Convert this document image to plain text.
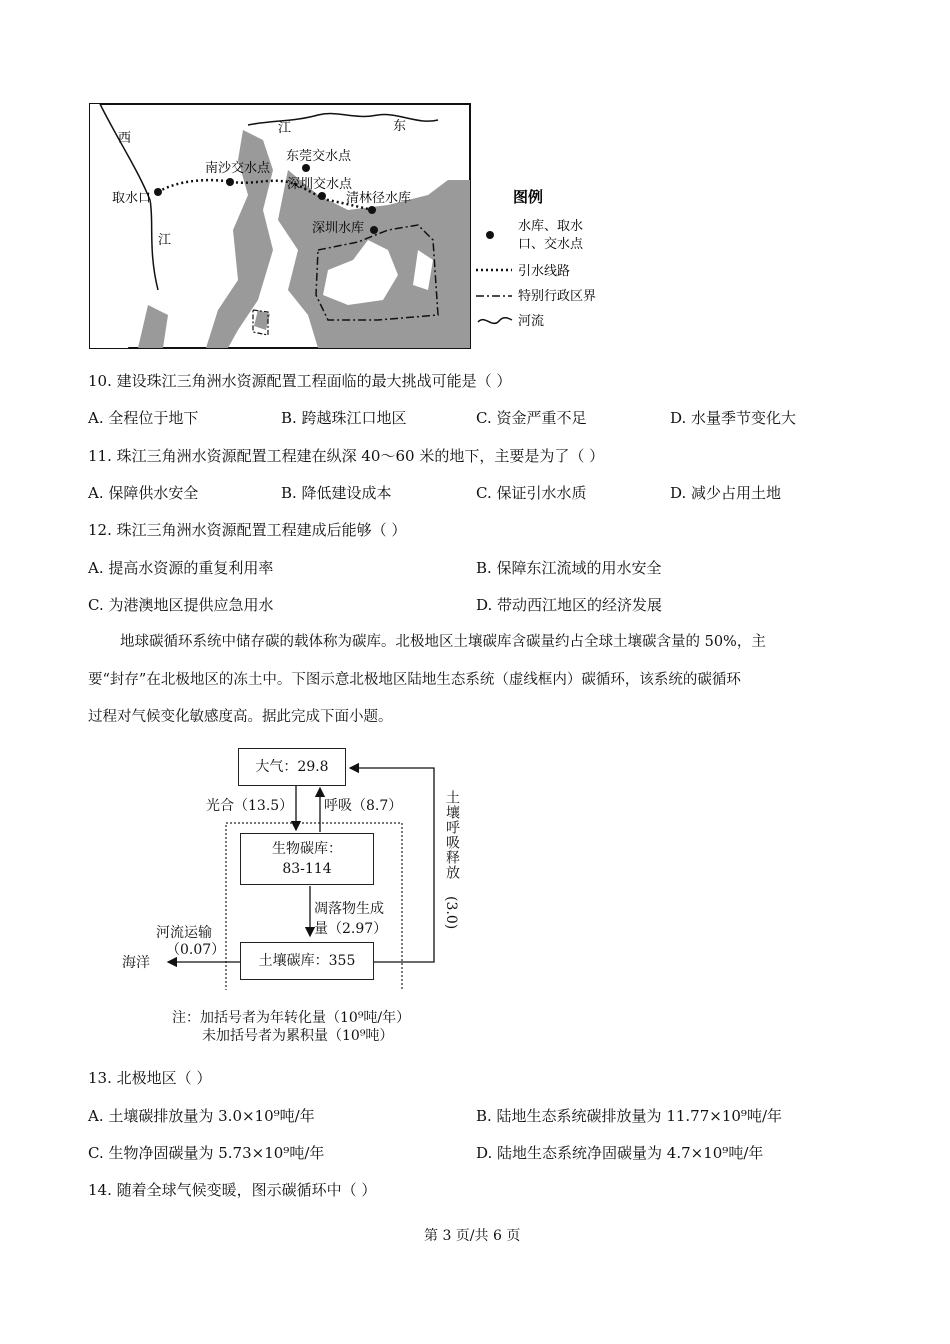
西
江	东
东莞交水点
南沙交水点
深圳交水点
取水口	清林径水库
深圳水库
江
图例
水库、取水
口、交水点
引水线路
特别行政区界
河流
10. 建设珠江三角洲水资源配置工程面临的最大挑战可能是（ ）
A. 全程位于地下	B. 跨越珠江口地区	C. 资金严重不足	D. 水量季节变化大
11. 珠江三角洲水资源配置工程建在纵深 40～60 米的地下，主要是为了（ ）
A. 保障供水安全	B. 降低建设成本	C. 保证引水水质	D. 减少占用土地
12. 珠江三角洲水资源配置工程建成后能够（ ）
A. 提高水资源的重复利用率	B. 保障东江流域的用水安全
C. 为港澳地区提供应急用水	D. 带动西江地区的经济发展
地球碳循环系统中储存碳的载体称为碳库。北极地区土壤碳库含碳量约占全球土壤碳含量的 50%，主
要“封存”在北极地区的冻土中。下图示意北极地区陆地生态系统（虚线框内）碳循环，该系统的碳循环
过程对气候变化敏感度高。据此完成下面小题。
大气：29.8
生物碳库：
83-114
土壤碳库：355
光合（13.5） 呼吸（8.7）
凋落物生成
量（2.97）
河流运输
（0.07）
海洋
土壤呼吸释放
(3.0)
注：加括号者为年转化量（10⁹吨/年）
未加括号者为累积量（10⁹吨）
13. 北极地区（ ）
A. 土壤碳排放量为 3.0×10⁹吨/年	B. 陆地生态系统碳排放量为 11.77×10⁹吨/年
C. 生物净固碳量为 5.73×10⁹吨/年	D. 陆地生态系统净固碳量为 4.7×10⁹吨/年
14. 随着全球气候变暖，图示碳循环中（ ）
第 3 页/共 6 页
